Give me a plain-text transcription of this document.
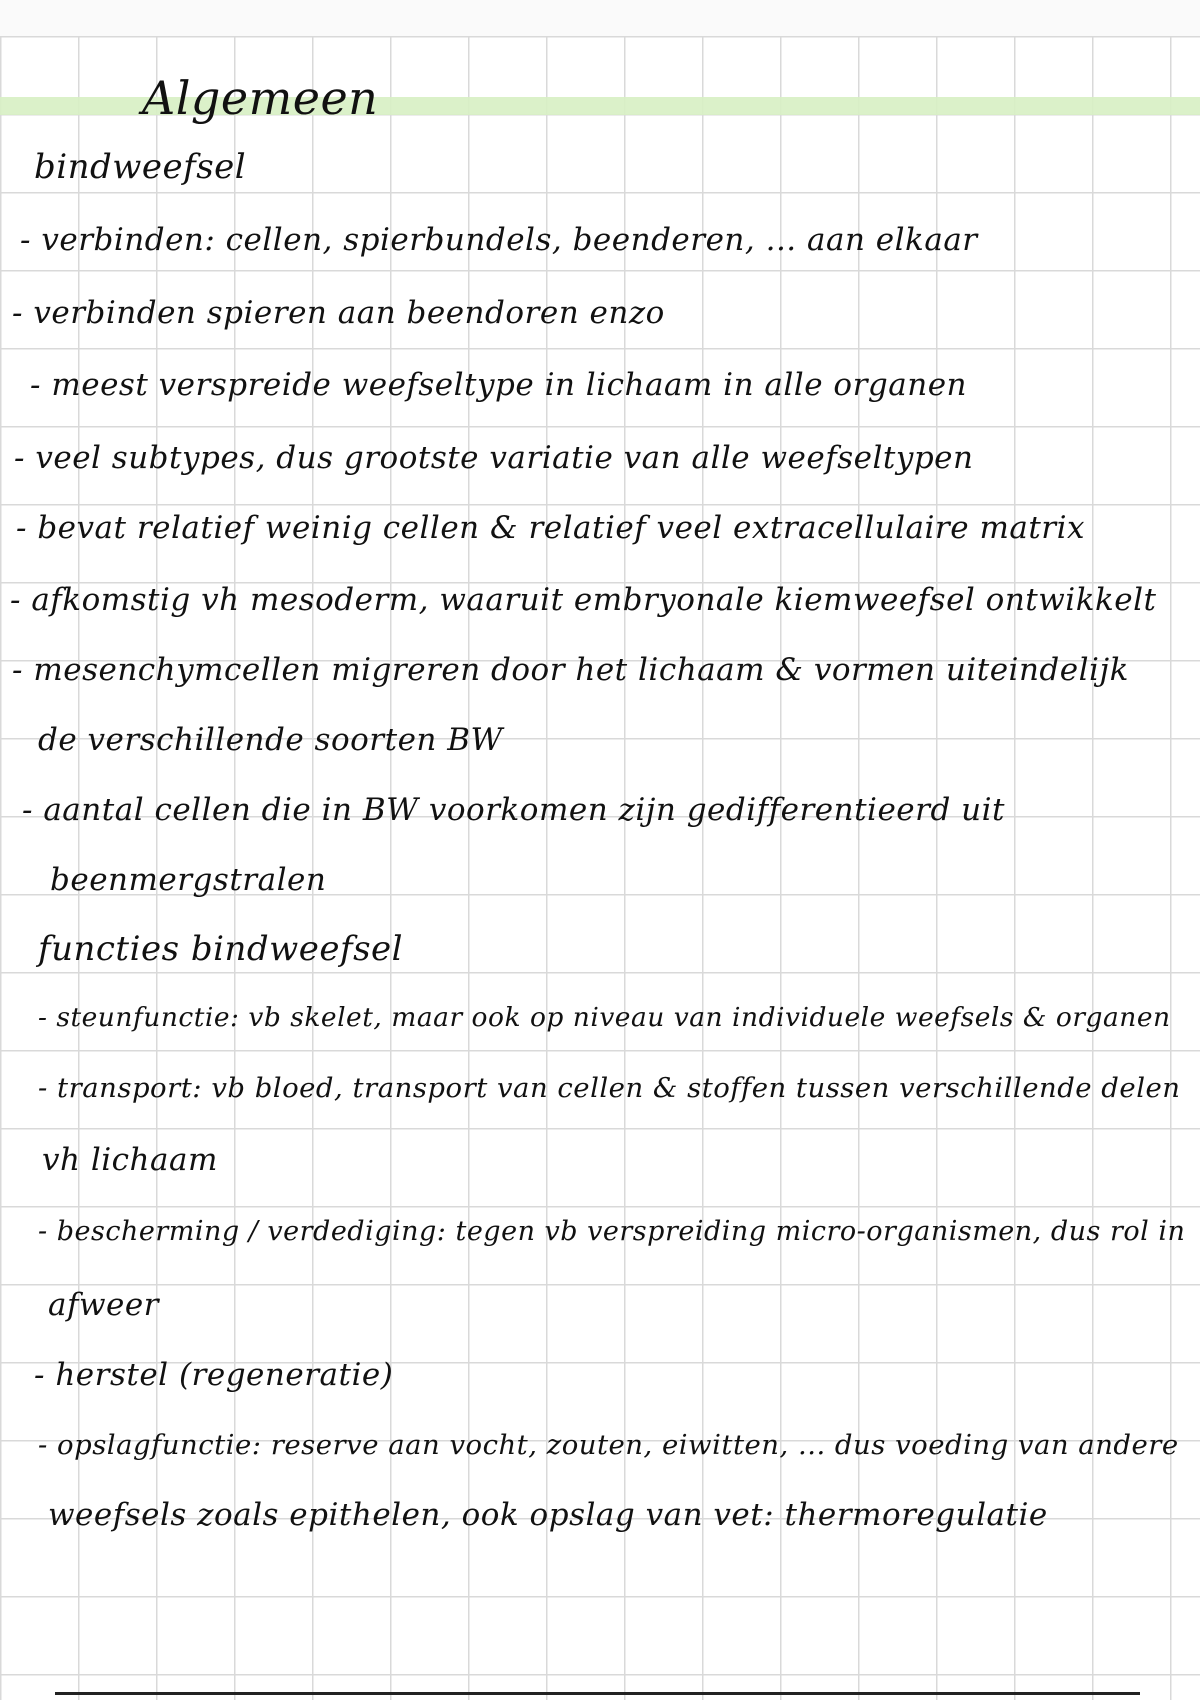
Algemeen
bindweefsel
- verbinden: cellen, spierbundels, beenderen, ... aan elkaar
- verbinden spieren aan beendoren enzo
- meest verspreide weefseltype in lichaam in alle organen
- veel subtypes, dus grootste variatie van alle weefseltypen
- bevat relatief weinig cellen & relatief veel extracellulaire matrix
- afkomstig vh mesoderm, waaruit embryonale kiemweefsel ontwikkelt
- mesenchymcellen migreren door het lichaam & vormen uiteindelijk
de verschillende soorten BW
- aantal cellen die in BW voorkomen zijn gedifferentieerd uit
beenmergstralen
functies bindweefsel
- steunfunctie: vb skelet, maar ook op niveau van individuele weefsels & organen
- transport: vb bloed, transport van cellen & stoffen tussen verschillende delen
vh lichaam
- bescherming / verdediging: tegen vb verspreiding micro-organismen, dus rol in
afweer
- herstel (regeneratie)
- opslagfunctie: reserve aan vocht, zouten, eiwitten, ... dus voeding van andere
weefsels zoals epithelen, ook opslag van vet: thermoregulatie
